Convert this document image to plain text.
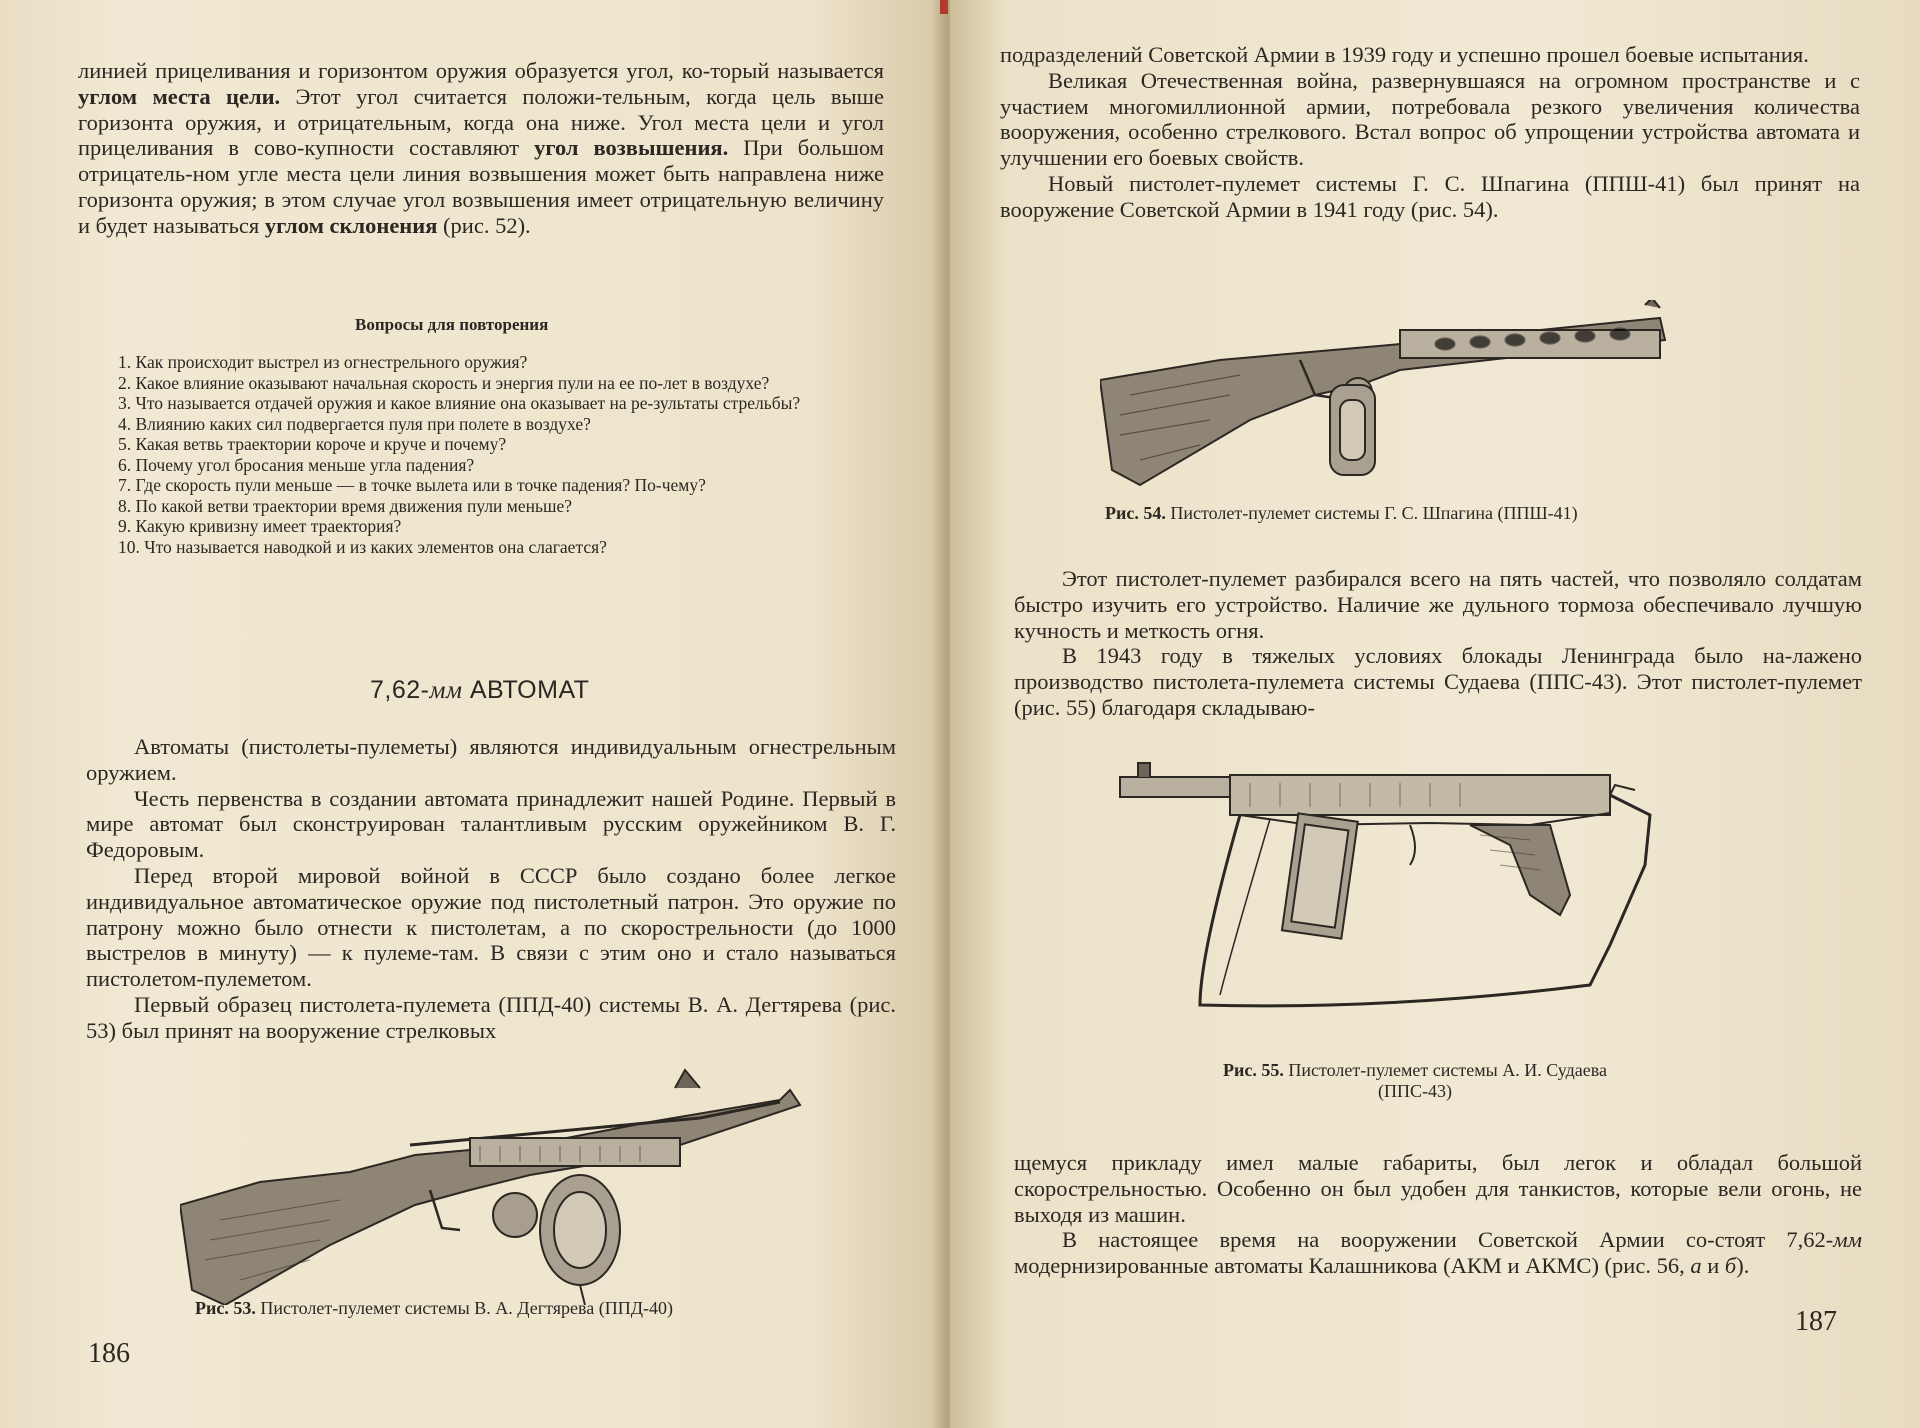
линией прицеливания и горизонтом оружия образуется угол, ко-торый называется углом места цели. Этот угол считается положи-тельным, когда цель выше горизонта оружия, и отрицательным, когда она ниже. Угол места цели и угол прицеливания в сово-купности составляют угол возвышения. При большом отрицатель-ном угле места цели линия возвышения может быть направлена ниже горизонта оружия; в этом случае угол возвышения имеет отрицательную величину и будет называться углом склонения (рис. 52).

Вопросы для повторения

1. Как происходит выстрел из огнестрельного оружия?

2. Какое влияние оказывают начальная скорость и энергия пули на ее по-лет в воздухе?

3. Что называется отдачей оружия и какое влияние она оказывает на ре-зультаты стрельбы?

4. Влиянию каких сил подвергается пуля при полете в воздухе?

5. Какая ветвь траектории короче и круче и почему?

6. Почему угол бросания меньше угла падения?

7. Где скорость пули меньше — в точке вылета или в точке падения? По-чему?

8. По какой ветви траектории время движения пули меньше?

9. Какую кривизну имеет траектория?

10. Что называется наводкой и из каких элементов она слагается?

7,62-мм АВТОМАТ

Автоматы (пистолеты-пулеметы) являются индивидуальным огнестрельным оружием.

Честь первенства в создании автомата принадлежит нашей Родине. Первый в мире автомат был сконструирован талантливым русским оружейником В. Г. Федоровым.

Перед второй мировой войной в СССР было создано более легкое индивидуальное автоматическое оружие под пистолетный патрон. Это оружие по патрону можно было отнести к пистолетам, а по скорострельности (до 1000 выстрелов в минуту) — к пулеме-там. В связи с этим оно и стало называться пистолетом-пулеметом.

Первый образец пистолета-пулемета (ППД-40) системы В. А. Дегтярева (рис. 53) был принят на вооружение стрелковых

Рис. 53. Пистолет-пулемет системы В. А. Дегтярева (ППД-40)
186

подразделений Советской Армии в 1939 году и успешно прошел боевые испытания.

Великая Отечественная война, развернувшаяся на огромном пространстве и с участием многомиллионной армии, потребовала резкого увеличения количества вооружения, особенно стрелкового. Встал вопрос об упрощении устройства автомата и улучшении его боевых свойств.

Новый пистолет-пулемет системы Г. С. Шпагина (ППШ-41) был принят на вооружение Советской Армии в 1941 году (рис. 54).

Рис. 54. Пистолет-пулемет системы Г. С. Шпагина (ППШ-41)

Этот пистолет-пулемет разбирался всего на пять частей, что позволяло солдатам быстро изучить его устройство. Наличие же дульного тормоза обеспечивало лучшую кучность и меткость огня.

В 1943 году в тяжелых условиях блокады Ленинграда было на-лажено производство пистолета-пулемета системы Судаева (ППС-43). Этот пистолет-пулемет (рис. 55) благодаря складываю-

Рис. 55. Пистолет-пулемет системы А. И. Судаева
(ППС-43)

щемуся прикладу имел малые габариты, был легок и обладал большой скорострельностью. Особенно он был удобен для танкистов, которые вели огонь, не выходя из машин.

В настоящее время на вооружении Советской Армии со-стоят 7,62-мм модернизированные автоматы Калашникова (АКМ и АКМС) (рис. 56, а и б).

187
